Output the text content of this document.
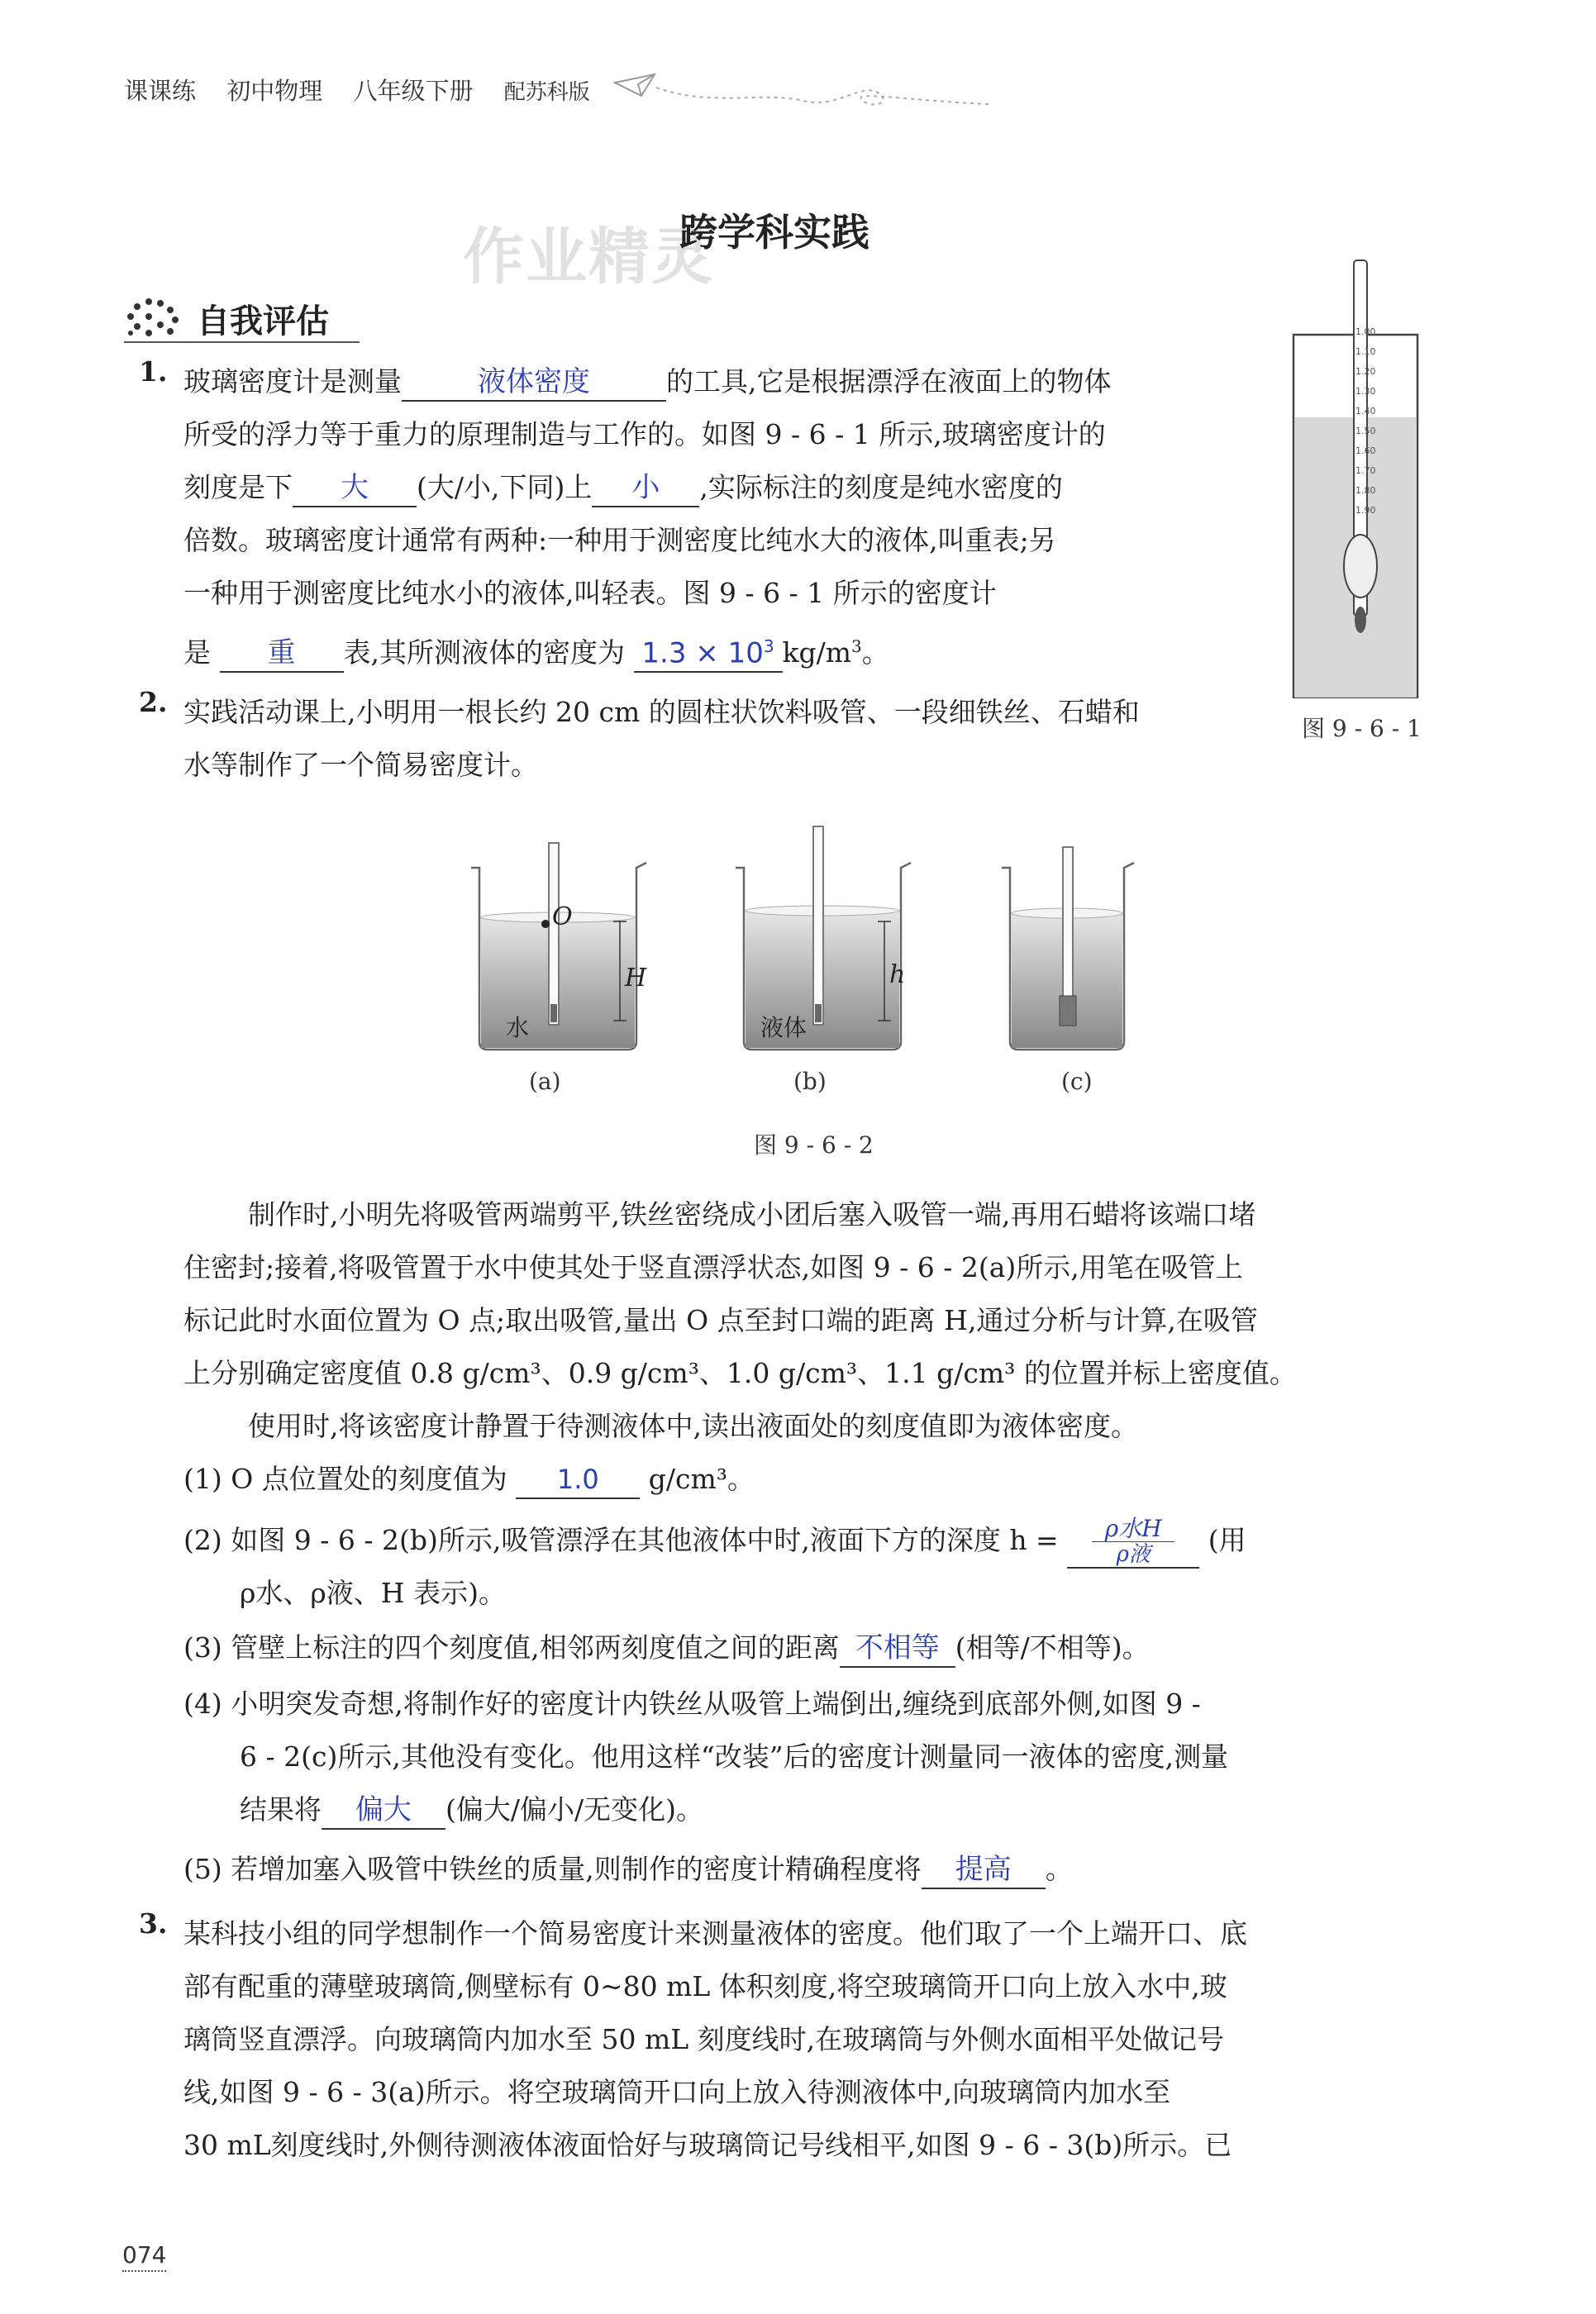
课课练 初中物理 八年级下册 配苏科版
作业精灵
跨学科实践
自我评估
1. 玻璃密度计是测量	液体密度	的工具,它是根据漂浮在液面上的物体
所受的浮力等于重力的原理制造与工作的。如图 9 - 6 - 1 所示,玻璃密度计的
刻度是下 大 (大/小,下同)上 小 ,实际标注的刻度是纯水密度的
倍数。玻璃密度计通常有两种:一种用于测密度比纯水大的液体,叫重表;另
一种用于测密度比纯水小的液体,叫轻表。图 9 - 6 - 1 所示的密度计
是 重 表,其所测液体的密度为 $1.3 \times 10^3$ $kg/m^3$。
1.00
1.10
1.20
1.30
1.40
1.50
1.60
1.70
1.80
1.90
图 9 - 6 - 1
2. 实践活动课上,小明用一根长约 20 cm 的圆柱状饮料吸管、一段细铁丝、石蜡和
水等制作了一个简易密度计。
O
H	h
水	液体
(a)	(b)	(c)
图 9 - 6 - 2
制作时,小明先将吸管两端剪平,铁丝密绕成小团后塞入吸管一端,再用石蜡将该端口堵
住密封;接着,将吸管置于水中使其处于竖直漂浮状态,如图 9 - 6 - 2(a)所示,用笔在吸管上
标记此时水面位置为 O 点;取出吸管,量出 O 点至封口端的距离 H,通过分析与计算,在吸管
上分别确定密度值 0.8 g/cm³、0.9 g/cm³、1.0 g/cm³、1.1 g/cm³ 的位置并标上密度值。
使用时,将该密度计静置于待测液体中,读出液面处的刻度值即为液体密度。
(1) O 点位置处的刻度值为 1.0 g/cm³。
(2) 如图 9 - 6 - 2(b)所示,吸管漂浮在其他液体中时,液面下方的深度 $h = \frac{\text{ρ水H}}{\text{ρ液}}$ (用
ρ水、ρ液、H 表示)。
(3) 管壁上标注的四个刻度值,相邻两刻度值之间的距离 不相等 (相等/不相等)。
(4) 小明突发奇想,将制作好的密度计内铁丝从吸管上端倒出,缠绕到底部外侧,如图 9 -
6 - 2(c)所示,其他没有变化。他用这样“改装”后的密度计测量同一液体的密度,测量
结果将 偏大 (偏大/偏小/无变化)。
(5) 若增加塞入吸管中铁丝的质量,则制作的密度计精确程度将 提高 。
3. 某科技小组的同学想制作一个简易密度计来测量液体的密度。他们取了一个上端开口、底
部有配重的薄壁玻璃筒,侧壁标有 0~80 mL 体积刻度,将空玻璃筒开口向上放入水中,玻
璃筒竖直漂浮。向玻璃筒内加水至 50 mL 刻度线时,在玻璃筒与外侧水面相平处做记号
线,如图 9 - 6 - 3(a)所示。将空玻璃筒开口向上放入待测液体中,向玻璃筒内加水至
30 mL刻度线时,外侧待测液体液面恰好与玻璃筒记号线相平,如图 9 - 6 - 3(b)所示。已
074
